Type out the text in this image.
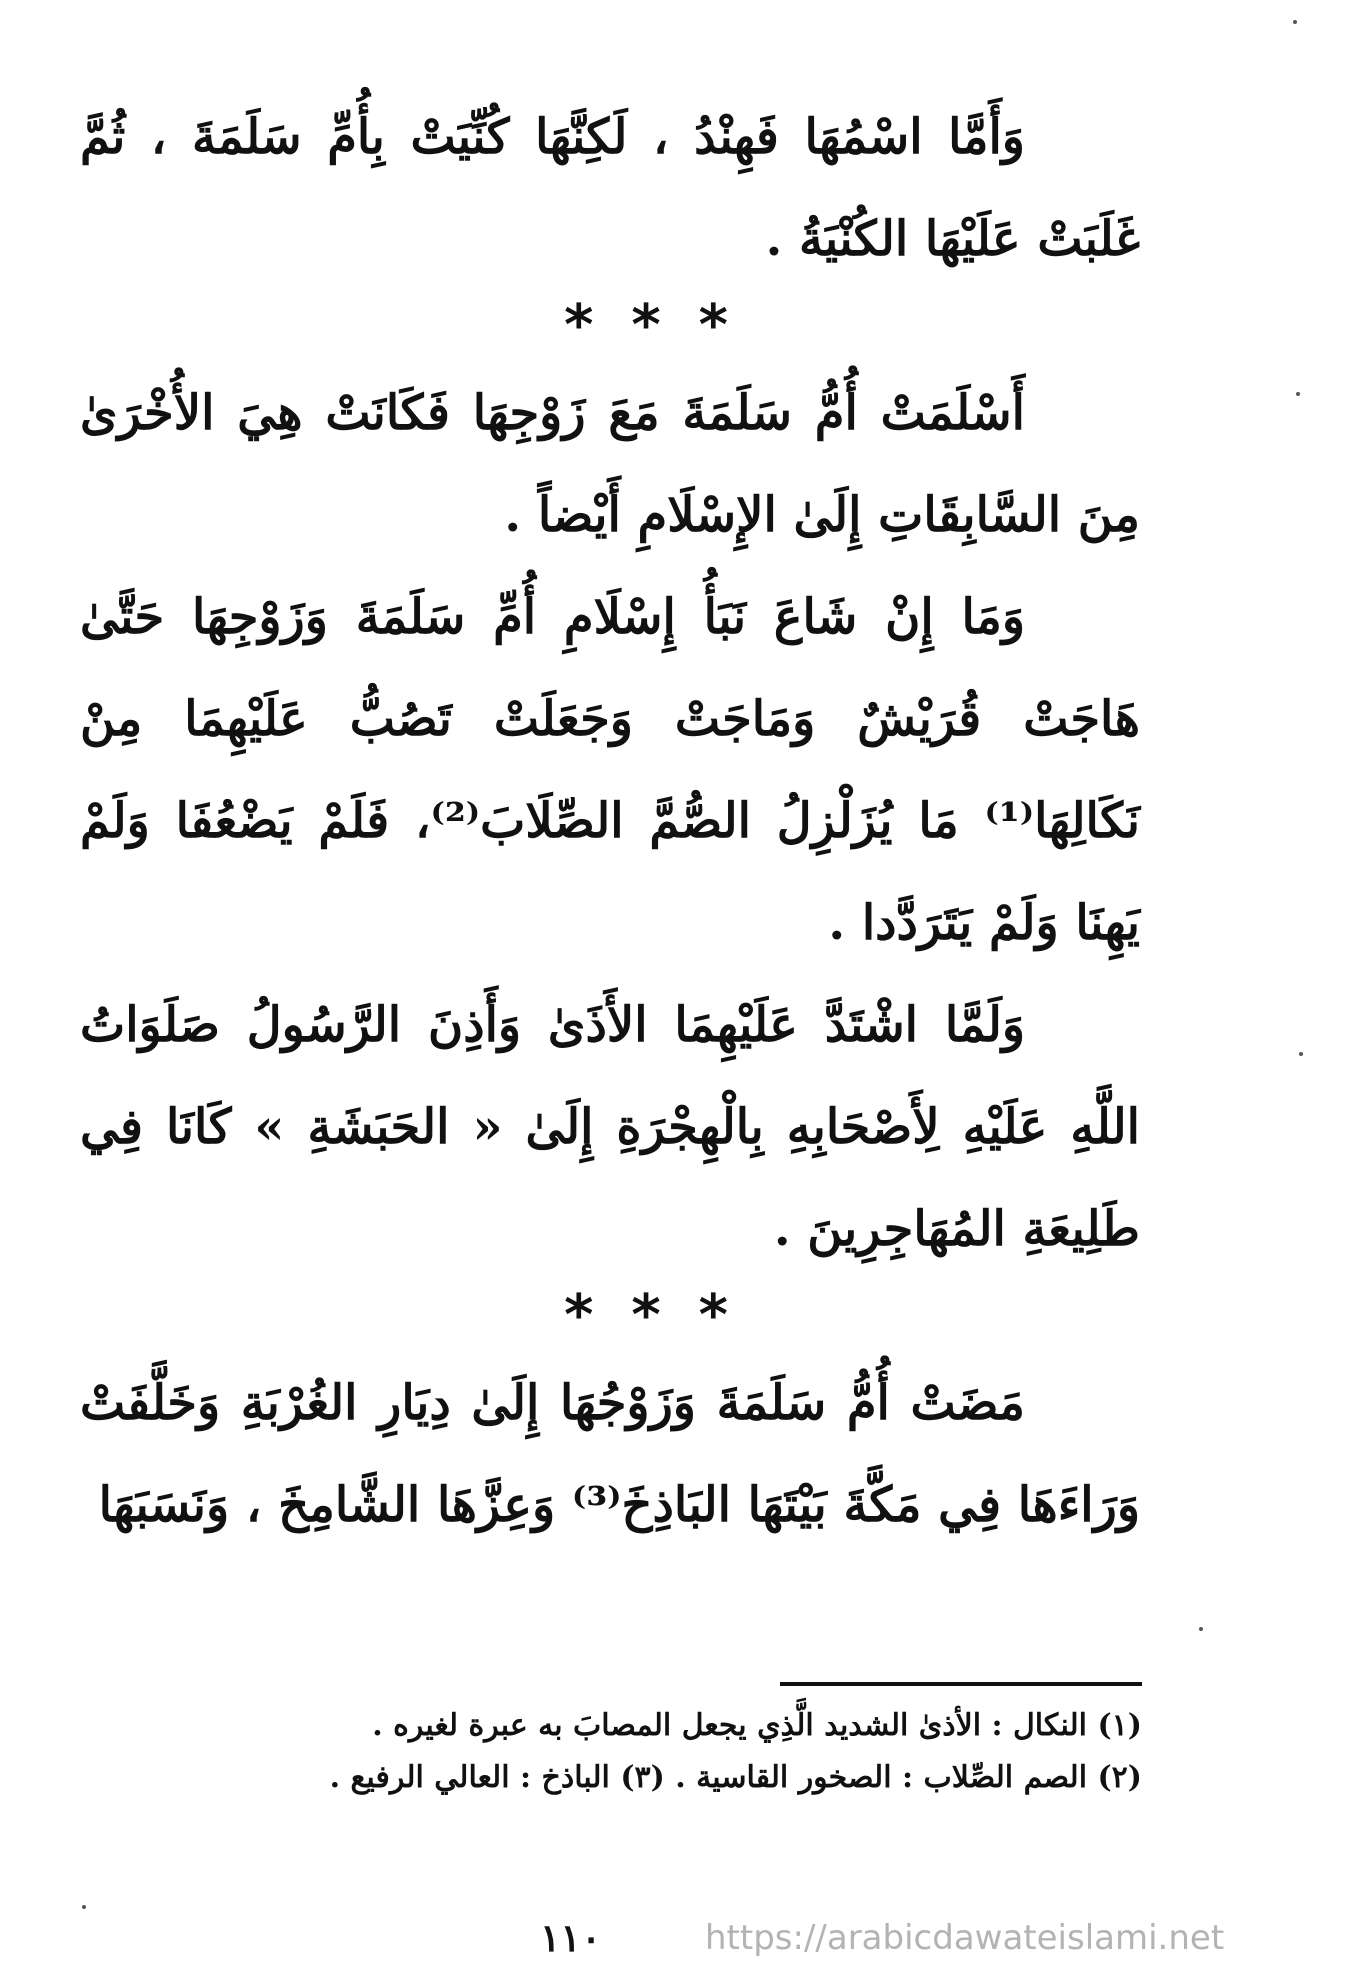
وَأَمَّا اسْمُهَا فَهِنْدُ ، لَكِنَّهَا كُنِّيَتْ بِأُمِّ سَلَمَةَ ، ثُمَّ غَلَبَتْ عَلَيْهَا الكُنْيَةُ .

***

أَسْلَمَتْ أُمُّ سَلَمَةَ مَعَ زَوْجِهَا فَكَانَتْ هِيَ الأُخْرَىٰ مِنَ السَّابِقَاتِ إِلَىٰ الإِسْلَامِ أَيْضاً .

وَمَا إِنْ شَاعَ نَبَأُ إِسْلَامِ أُمِّ سَلَمَةَ وَزَوْجِهَا حَتَّىٰ هَاجَتْ قُرَيْشٌ وَمَاجَتْ وَجَعَلَتْ تَصُبُّ عَلَيْهِمَا مِنْ نَكَالِهَا⁽¹⁾ مَا يُزَلْزِلُ الصُّمَّ الصِّلَابَ⁽²⁾، فَلَمْ يَضْعُفَا وَلَمْ يَهِنَا وَلَمْ يَتَرَدَّدا .

وَلَمَّا اشْتَدَّ عَلَيْهِمَا الأَذَىٰ وَأَذِنَ الرَّسُولُ صَلَوَاتُ اللَّهِ عَلَيْهِ لِأَصْحَابِهِ بِالْهِجْرَةِ إِلَىٰ « الحَبَشَةِ » كَانَا فِي طَلِيعَةِ المُهَاجِرِينَ .

***

مَضَتْ أُمُّ سَلَمَةَ وَزَوْجُهَا إِلَىٰ دِيَارِ الغُرْبَةِ وَخَلَّفَتْ وَرَاءَهَا فِي مَكَّةَ بَيْتَهَا البَاذِخَ⁽³⁾ وَعِزَّهَا الشَّامِخَ ، وَنَسَبَهَا

(١) النكال : الأذىٰ الشديد الَّذِي يجعل المصابَ به عبرة لغيره .

(٢) الصم الصِّلاب : الصخور القاسية . (٣) الباذخ : العالي الرفيع .

١١٠	https://arabicdawateislami.net
